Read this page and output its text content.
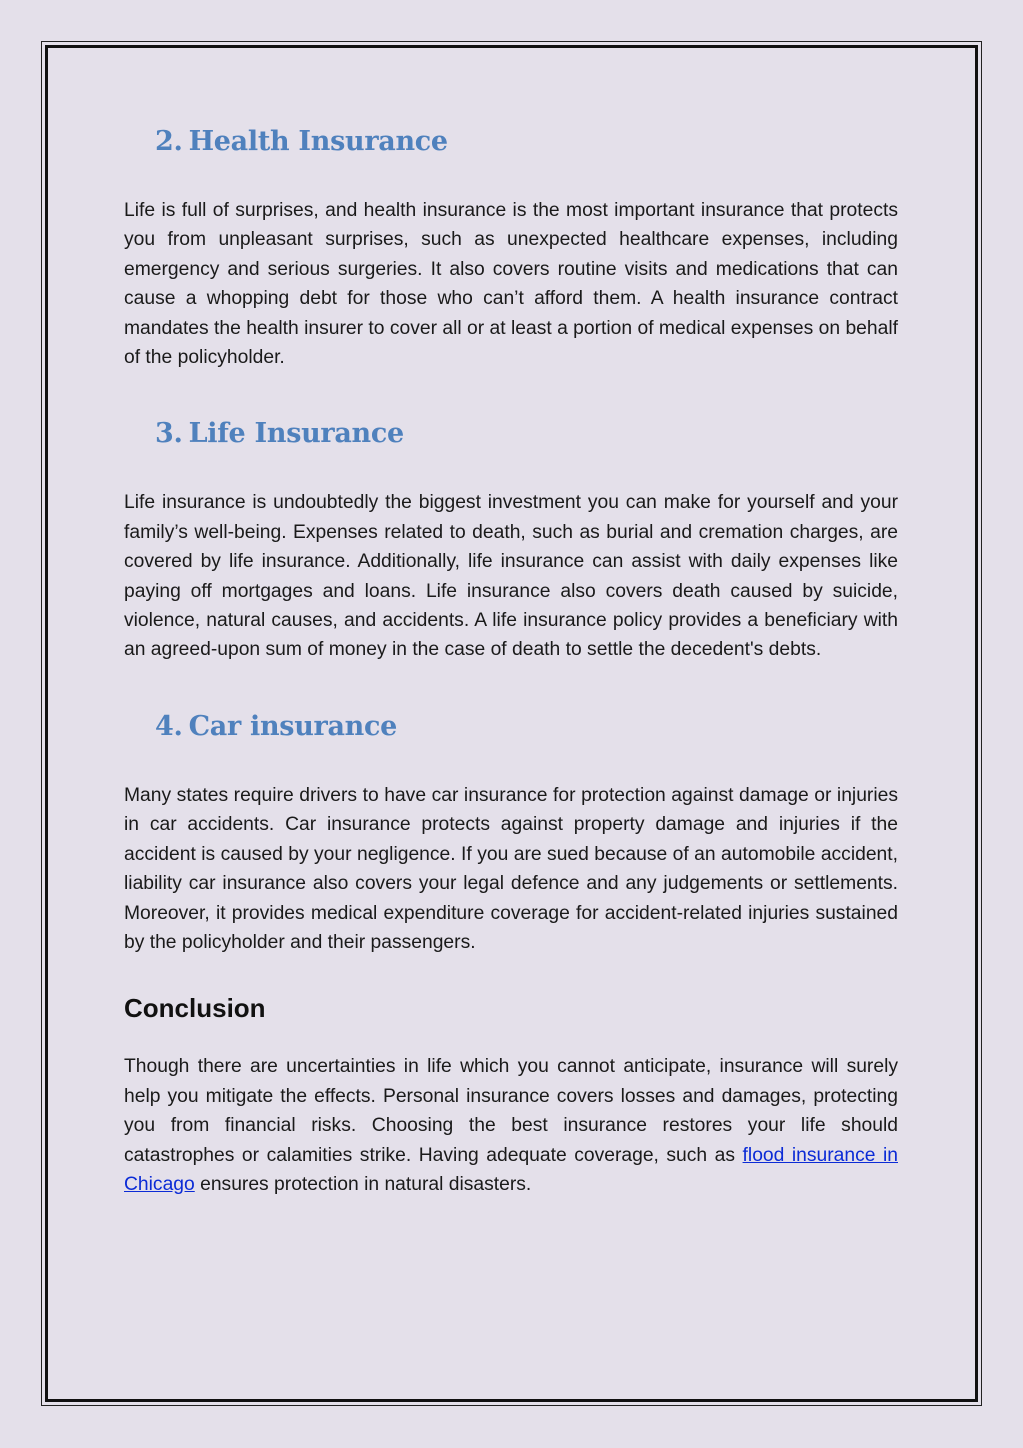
2. Health Insurance

Life is full of surprises, and health insurance is the most important insurance that protects you from unpleasant surprises, such as unexpected healthcare expenses, including emergency and serious surgeries. It also covers routine visits and medications that can cause a whopping debt for those who can’t afford them. A health insurance contract mandates the health insurer to cover all or at least a portion of medical expenses on behalf of the policyholder.

3. Life Insurance

Life insurance is undoubtedly the biggest investment you can make for yourself and your family’s well-being. Expenses related to death, such as burial and cremation charges, are covered by life insurance. Additionally, life insurance can assist with daily expenses like paying off mortgages and loans. Life insurance also covers death caused by suicide, violence, natural causes, and accidents. A life insurance policy provides a beneficiary with an agreed-upon sum of money in the case of death to settle the decedent's debts.

4. Car insurance

Many states require drivers to have car insurance for protection against damage or injuries in car accidents. Car insurance protects against property damage and injuries if the accident is caused by your negligence. If you are sued because of an automobile accident, liability car insurance also covers your legal defence and any judgements or settlements. Moreover, it provides medical expenditure coverage for accident-related injuries sustained by the policyholder and their passengers.

Conclusion

Though there are uncertainties in life which you cannot anticipate, insurance will surely help you mitigate the effects. Personal insurance covers losses and damages, protecting you from financial risks. Choosing the best insurance restores your life should catastrophes or calamities strike. Having adequate coverage, such as flood insurance in Chicago ensures protection in natural disasters.
